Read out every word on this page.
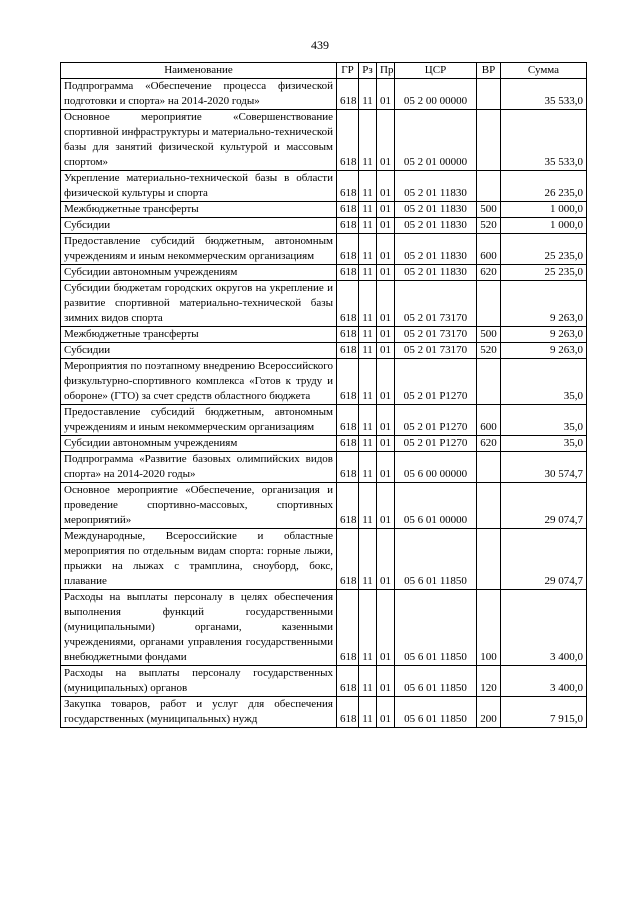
439
Наименование	ГР	Рз	Пр	ЦСР	ВР	Сумма
Подпрограмма «Обеспечение процесса физической подготовки и спорта» на 2014-2020 годы»	618	11	01	05 2 00 00000		35 533,0
Основное мероприятие «Совершенствование спортивной инфраструктуры и материально-технической базы для занятий физической культурой и массовым спортом»	618	11	01	05 2 01 00000		35 533,0
Укрепление материально-технической базы в области физической культуры и спорта	618	11	01	05 2 01 11830		26 235,0
Межбюджетные трансферты	618	11	01	05 2 01 11830	500	1 000,0
Субсидии	618	11	01	05 2 01 11830	520	1 000,0
Предоставление субсидий бюджетным, автономным учреждениям и иным некоммерческим организациям	618	11	01	05 2 01 11830	600	25 235,0
Субсидии автономным учреждениям	618	11	01	05 2 01 11830	620	25 235,0
Субсидии бюджетам городских округов на укрепление и развитие спортивной материально-технической базы зимних видов спорта	618	11	01	05 2 01 73170		9 263,0
Межбюджетные трансферты	618	11	01	05 2 01 73170	500	9 263,0
Субсидии	618	11	01	05 2 01 73170	520	9 263,0
Мероприятия по поэтапному внедрению Всероссийского физкультурно-спортивного комплекса «Готов к труду и обороне» (ГТО) за счет средств областного бюджета	618	11	01	05 2 01 P1270		35,0
Предоставление субсидий бюджетным, автономным учреждениям и иным некоммерческим организациям	618	11	01	05 2 01 P1270	600	35,0
Субсидии автономным учреждениям	618	11	01	05 2 01 P1270	620	35,0
Подпрограмма «Развитие базовых олимпийских видов спорта» на 2014-2020 годы»	618	11	01	05 6 00 00000		30 574,7
Основное мероприятие «Обеспечение, организация и проведение спортивно-массовых, спортивных мероприятий»	618	11	01	05 6 01 00000		29 074,7
Международные, Всероссийские и областные мероприятия по отдельным видам спорта: горные лыжи, прыжки на лыжах с трамплина, сноуборд, бокс, плавание	618	11	01	05 6 01 11850		29 074,7
Расходы на выплаты персоналу в целях обеспечения выполнения функций государственными (муниципальными) органами, казенными учреждениями, органами управления государственными внебюджетными фондами	618	11	01	05 6 01 11850	100	3 400,0
Расходы на выплаты персоналу государственных (муниципальных) органов	618	11	01	05 6 01 11850	120	3 400,0
Закупка товаров, работ и услуг для обеспечения государственных (муниципальных) нужд	618	11	01	05 6 01 11850	200	7 915,0
